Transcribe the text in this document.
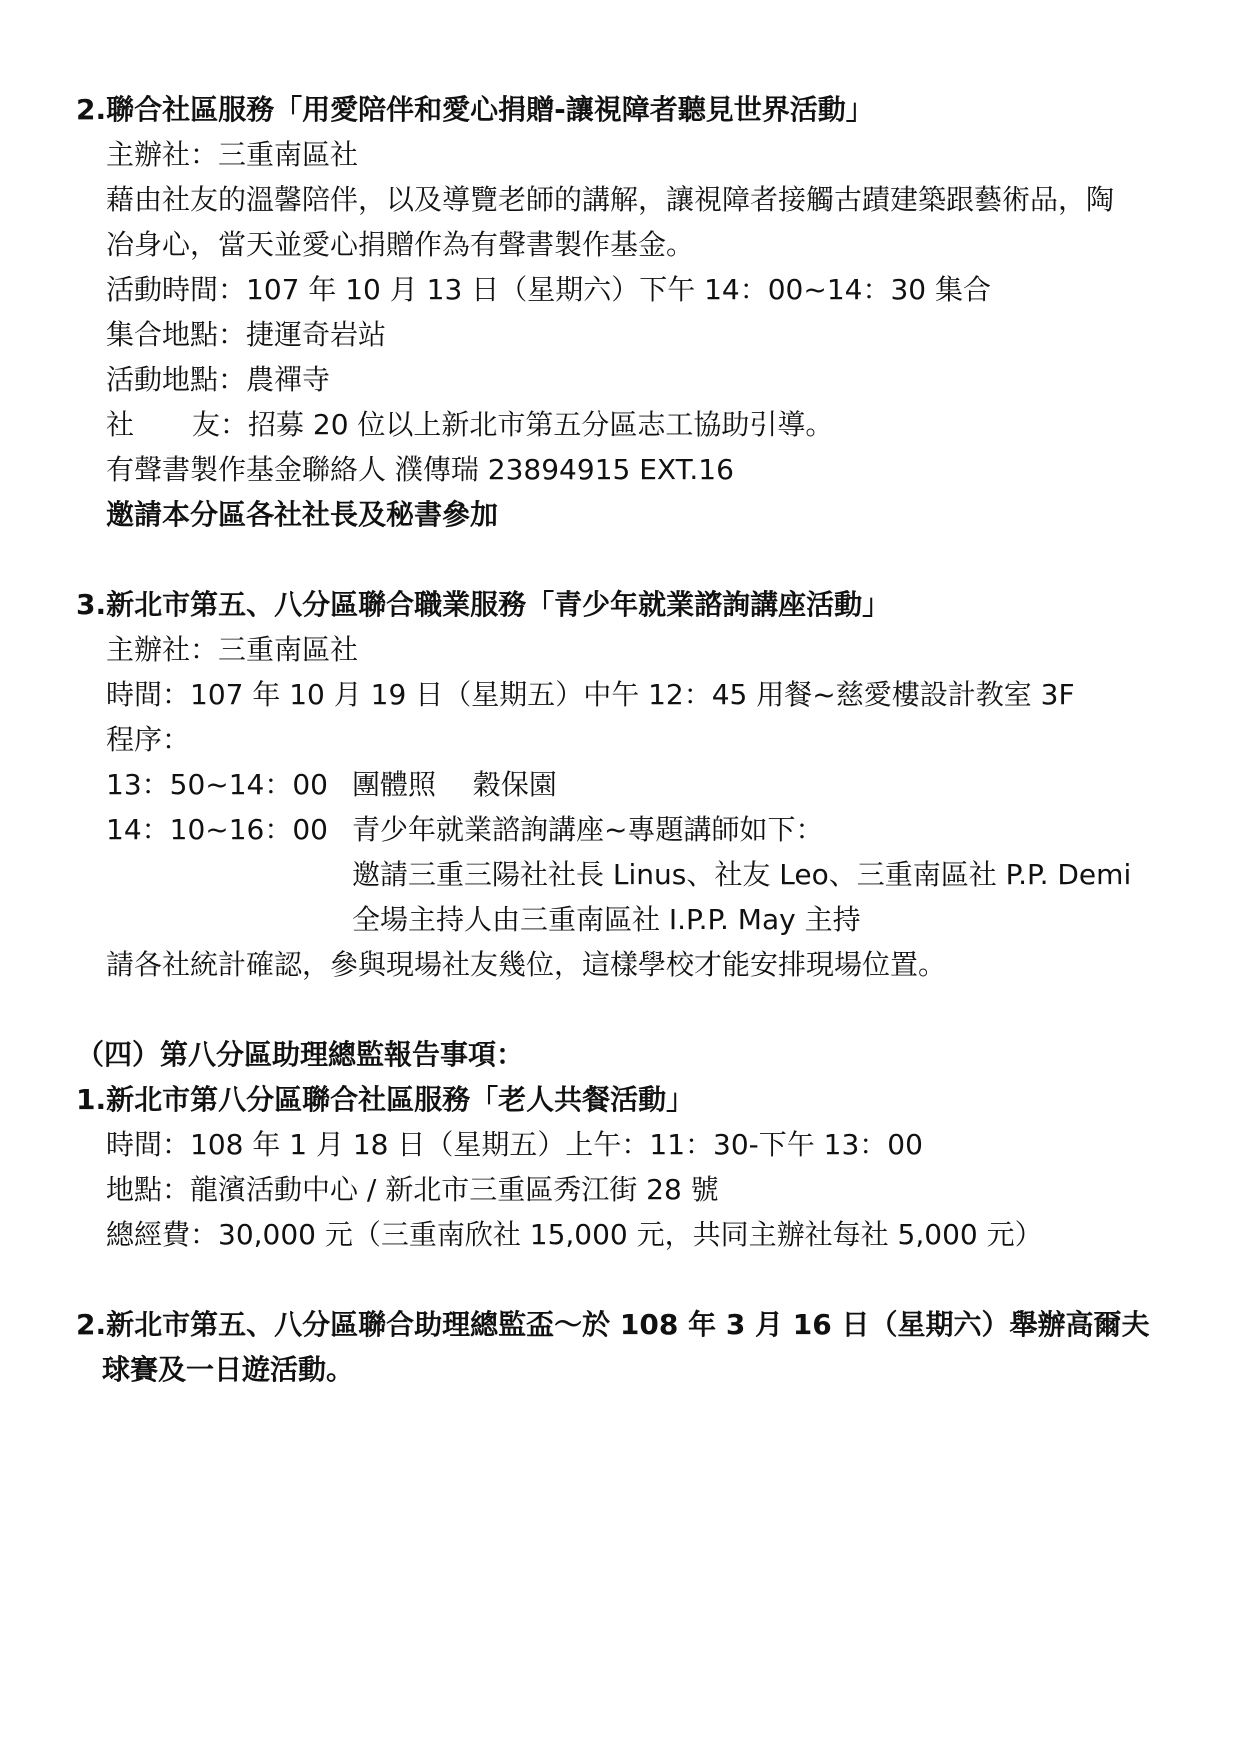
2.聯合社區服務「用愛陪伴和愛心捐贈-讓視障者聽見世界活動」
主辦社：三重南區社
藉由社友的溫馨陪伴，以及導覽老師的講解，讓視障者接觸古蹟建築跟藝術品，陶
冶身心，當天並愛心捐贈作為有聲書製作基金。
活動時間：107 年 10 月 13 日（星期六）下午 14：00~14：30 集合
集合地點：捷運奇岩站
活動地點：農禪寺
社 友：招募 20 位以上新北市第五分區志工協助引導。
有聲書製作基金聯絡人 濮傳瑞 23894915 EXT.16
邀請本分區各社社長及秘書參加
3.新北市第五、八分區聯合職業服務「青少年就業諮詢講座活動」
主辦社：三重南區社
時間：107 年 10 月 19 日（星期五）中午 12：45 用餐~慈愛樓設計教室 3F
程序：
13：50~14：00 團體照　 穀保園
14：10~16：00 青少年就業諮詢講座~專題講師如下：
邀請三重三陽社社長 Linus、社友 Leo、三重南區社 P.P. Demi
全場主持人由三重南區社 I.P.P. May 主持
請各社統計確認，參與現場社友幾位，這樣學校才能安排現場位置。
（四）第八分區助理總監報告事項：
1.新北市第八分區聯合社區服務「老人共餐活動」
時間：108 年 1 月 18 日（星期五）上午：11：30-下午 13：00
地點：龍濱活動中心 / 新北市三重區秀江街 28 號
總經費：30,000 元（三重南欣社 15,000 元，共同主辦社每社 5,000 元）
2.新北市第五、八分區聯合助理總監盃～於 108 年 3 月 16 日（星期六）舉辦高爾夫
球賽及一日遊活動。
